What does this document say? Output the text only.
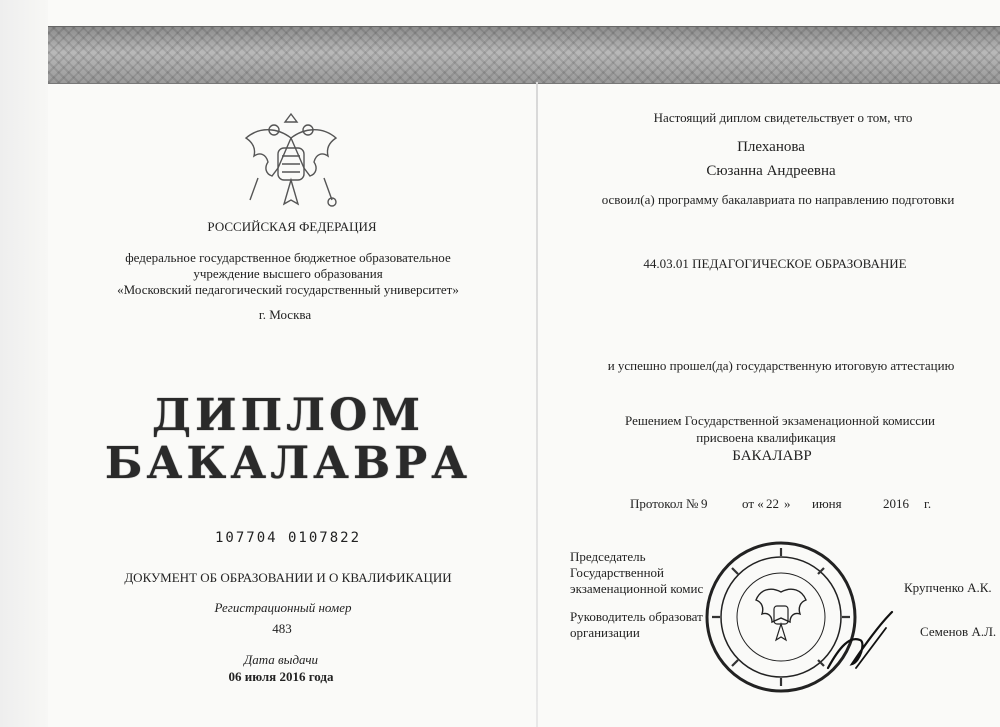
РОССИЙСКАЯ ФЕДЕРАЦИЯ
федеральное государственное бюджетное образовательное
учреждение высшего образования
«Московский педагогический государственный университет»
г. Москва
ДИПЛОМ
БАКАЛАВРА
107704 0107822
ДОКУМЕНТ ОБ ОБРАЗОВАНИИ И О КВАЛИФИКАЦИИ
Регистрационный номер
483
Дата выдачи
06 июля 2016 года
Настоящий диплом свидетельствует о том, что
Плеханова
Сюзанна Андреевна
освоил(а) программу бакалавриата по направлению подготовки
44.03.01 ПЕДАГОГИЧЕСКОЕ ОБРАЗОВАНИЕ
и успешно прошел(да) государственную итоговую аттестацию
Решением Государственной экзаменационной комиссии
присвоена квалификация
БАКАЛАВР
Протокол № 9	от « 22 » июня	2016 г.
Председатель
Государственной
экзаменационной комис	Крупченко А.К.
Руководитель образоват
организации	Семенов А.Л.
